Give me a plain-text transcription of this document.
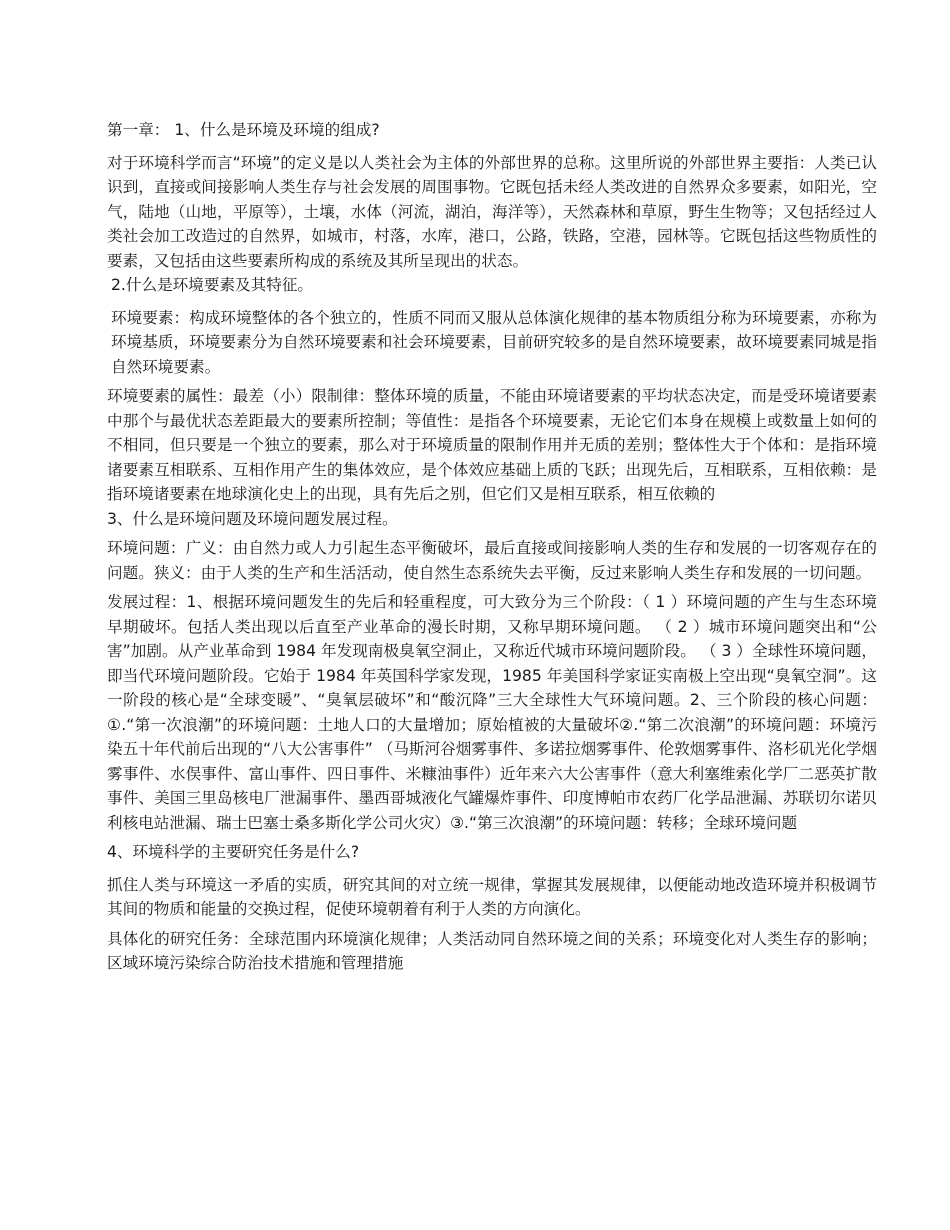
第一章： 1、什么是环境及环境的组成?

对于环境科学而言“环境”的定义是以人类社会为主体的外部世界的总称。这里所说的外部世界主要指：人类已认识到，直接或间接影响人类生存与社会发展的周围事物。它既包括未经人类改进的自然界众多要素，如阳光，空气，陆地（山地，平原等），土壤，水体（河流，湖泊，海洋等），天然森林和草原，野生生物等；又包括经过人类社会加工改造过的自然界，如城市，村落，水库，港口，公路，铁路，空港，园林等。它既包括这些物质性的要素，又包括由这些要素所构成的系统及其所呈现出的状态。

2.什么是环境要素及其特征。

环境要素：构成环境整体的各个独立的，性质不同而又服从总体演化规律的基本物质组分称为环境要素，亦称为环境基质，环境要素分为自然环境要素和社会环境要素，目前研究较多的是自然环境要素，故环境要素同城是指自然环境要素。

环境要素的属性：最差（小）限制律：整体环境的质量，不能由环境诸要素的平均状态决定，而是受环境诸要素中那个与最优状态差距最大的要素所控制；等值性：是指各个环境要素，无论它们本身在规模上或数量上如何的不相同，但只要是一个独立的要素，那么对于环境质量的限制作用并无质的差别；整体性大于个体和：是指环境诸要素互相联系、互相作用产生的集体效应，是个体效应基础上质的飞跃；出现先后，互相联系，互相依赖：是指环境诸要素在地球演化史上的出现，具有先后之别，但它们又是相互联系，相互依赖的

3、什么是环境问题及环境问题发展过程。

环境问题：广义：由自然力或人力引起生态平衡破坏，最后直接或间接影响人类的生存和发展的一切客观存在的问题。狭义：由于人类的生产和生活活动，使自然生态系统失去平衡，反过来影响人类生存和发展的一切问题。

发展过程：1、根据环境问题发生的先后和轻重程度，可大致分为三个阶段：（ 1 ）环境问题的产生与生态环境早期破坏。包括人类出现以后直至产业革命的漫长时期，又称早期环境问题。 （ 2 ）城市环境问题突出和“公害”加剧。从产业革命到 1984 年发现南极臭氧空洞止，又称近代城市环境问题阶段。 （ 3 ）全球性环境问题，即当代环境问题阶段。它始于 1984 年英国科学家发现，1985 年美国科学家证实南极上空出现“臭氧空洞”。这一阶段的核心是“全球变暖”、“臭氧层破坏”和“酸沉降”三大全球性大气环境问题。2、三个阶段的核心问题：①.“第一次浪潮”的环境问题：土地人口的大量增加；原始植被的大量破坏②.“第二次浪潮”的环境问题：环境污染五十年代前后出现的“八大公害事件” （马斯河谷烟雾事件、多诺拉烟雾事件、伦敦烟雾事件、洛杉矶光化学烟雾事件、水俣事件、富山事件、四日事件、米糠油事件）近年来六大公害事件（意大利塞维索化学厂二恶英扩散事件、美国三里岛核电厂泄漏事件、墨西哥城液化气罐爆炸事件、印度博帕市农药厂化学品泄漏、苏联切尔诺贝利核电站泄漏、瑞士巴塞士桑多斯化学公司火灾）③.“第三次浪潮”的环境问题：转移；全球环境问题

4、环境科学的主要研究任务是什么?

抓住人类与环境这一矛盾的实质，研究其间的对立统一规律，掌握其发展规律，以便能动地改造环境并积极调节其间的物质和能量的交换过程，促使环境朝着有利于人类的方向演化。

具体化的研究任务：全球范围内环境演化规律；人类活动同自然环境之间的关系；环境变化对人类生存的影响；区域环境污染综合防治技术措施和管理措施
